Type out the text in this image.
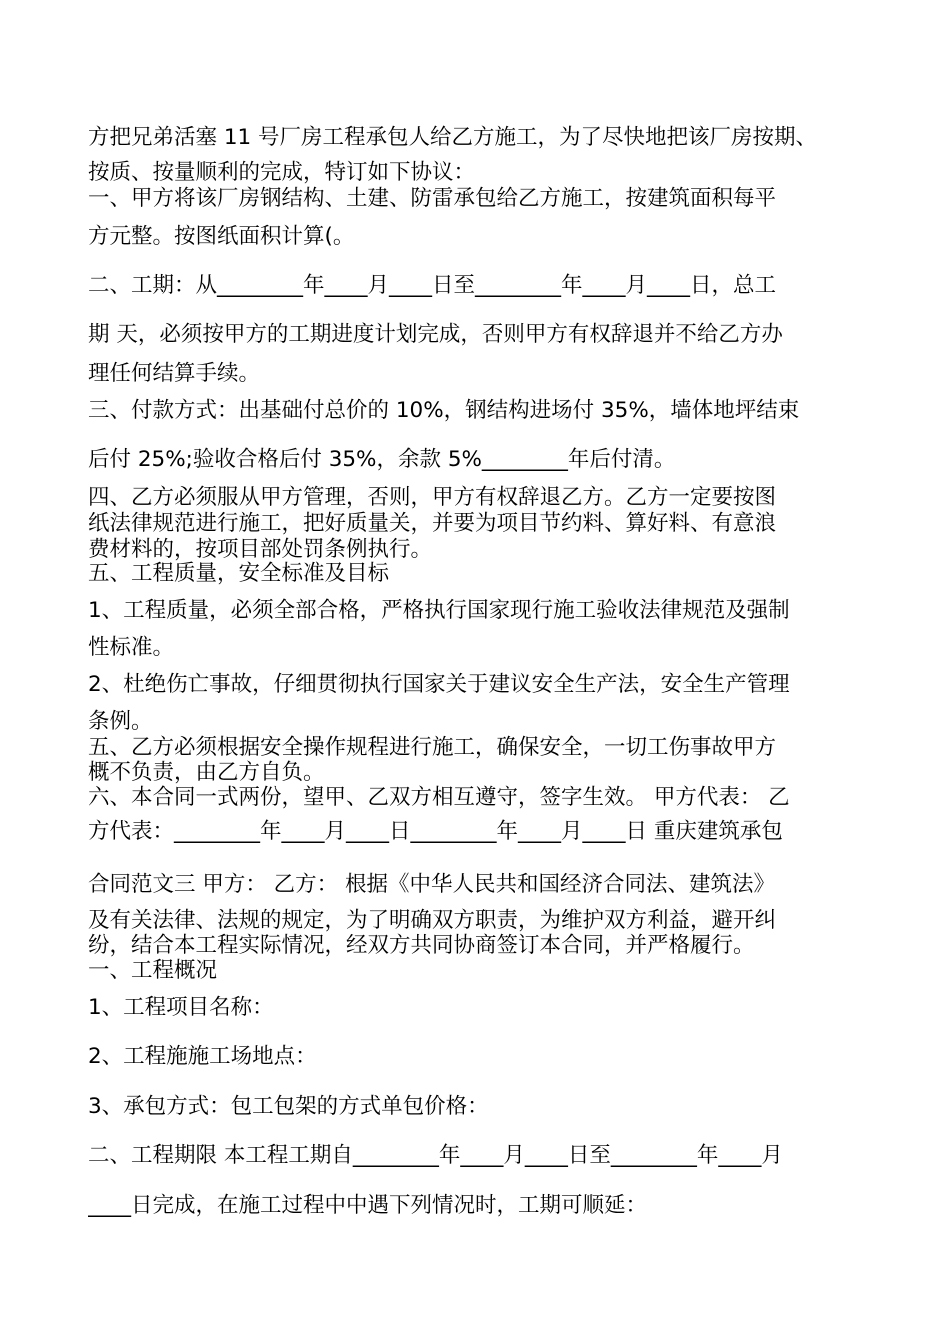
方把兄弟活塞 11 号厂房工程承包人给乙方施工，为了尽快地把该厂房按期、
按质、按量顺利的完成，特订如下协议：
一、甲方将该厂房钢结构、土建、防雷承包给乙方施工，按建筑面积每平
方元整。按图纸面积计算(。
二、工期：从________年____月____日至________年____月____日，总工
期 天，必须按甲方的工期进度计划完成，否则甲方有权辞退并不给乙方办
理任何结算手续。
三、付款方式：出基础付总价的 10%，钢结构进场付 35%，墙体地坪结束
后付 25%;验收合格后付 35%，余款 5%________年后付清。
四、乙方必须服从甲方管理，否则，甲方有权辞退乙方。乙方一定要按图
纸法律规范进行施工，把好质量关，并要为项目节约料、算好料、有意浪
费材料的，按项目部处罚条例执行。
五、工程质量，安全标准及目标
1、工程质量，必须全部合格，严格执行国家现行施工验收法律规范及强制
性标准。
2、杜绝伤亡事故，仔细贯彻执行国家关于建议安全生产法，安全生产管理
条例。
五、乙方必须根据安全操作规程进行施工，确保安全，一切工伤事故甲方
概不负责，由乙方自负。
六、本合同一式两份，望甲、乙双方相互遵守，签字生效。 甲方代表： 乙
方代表：________年____月____日________年____月____日 重庆建筑承包
合同范文三 甲方： 乙方： 根据《中华人民共和国经济合同法、建筑法》
及有关法律、法规的规定，为了明确双方职责，为维护双方利益，避开纠
纷，结合本工程实际情况，经双方共同协商签订本合同，并严格履行。
一、工程概况
1、工程项目名称：
2、工程施施工场地点：
3、承包方式：包工包架的方式单包价格：
二、工程期限 本工程工期自________年____月____日至________年____月
____日完成，在施工过程中中遇下列情况时，工期可顺延：
